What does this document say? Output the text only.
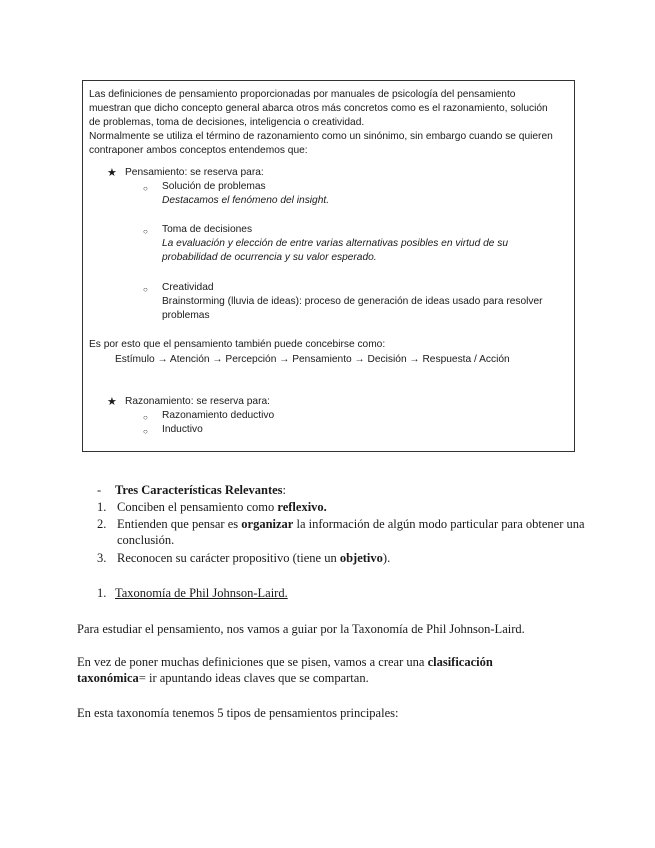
Las definiciones de pensamiento proporcionadas por manuales de psicología del pensamiento muestran que dicho concepto general abarca otros más concretos como es el razonamiento, solución de problemas, toma de decisiones, inteligencia o creatividad.

Normalmente se utiliza el término de razonamiento como un sinónimo, sin embargo cuando se quieren contraponer ambos conceptos entendemos que:

★ Pensamiento: se reserva para:
○ Solución de problemas
Destacamos el fenómeno del insight.
○ Toma de decisiones
La evaluación y elección de entre varias alternativas posibles en virtud de su probabilidad de ocurrencia y su valor esperado.
○ Creatividad
Brainstorming (lluvia de ideas): proceso de generación de ideas usado para resolver problemas
Es por esto que el pensamiento también puede concebirse como:
Estímulo → Atención → Percepción → Pensamiento → Decisión → Respuesta / Acción
★ Razonamiento: se reserva para:
○ Razonamiento deductivo
○ Inductivo
- Tres Características Relevantes:
1. Conciben el pensamiento como reflexivo.
2. Entienden que pensar es organizar la información de algún modo particular para obtener una conclusión.
3. Reconocen su carácter propositivo (tiene un objetivo).
1. Taxonomía de Phil Johnson-Laird.
Para estudiar el pensamiento, nos vamos a guiar por la Taxonomía de Phil Johnson-Laird.
En vez de poner muchas definiciones que se pisen, vamos a crear una clasificación taxonómica= ir apuntando ideas claves que se compartan.
En esta taxonomía tenemos 5 tipos de pensamientos principales:
